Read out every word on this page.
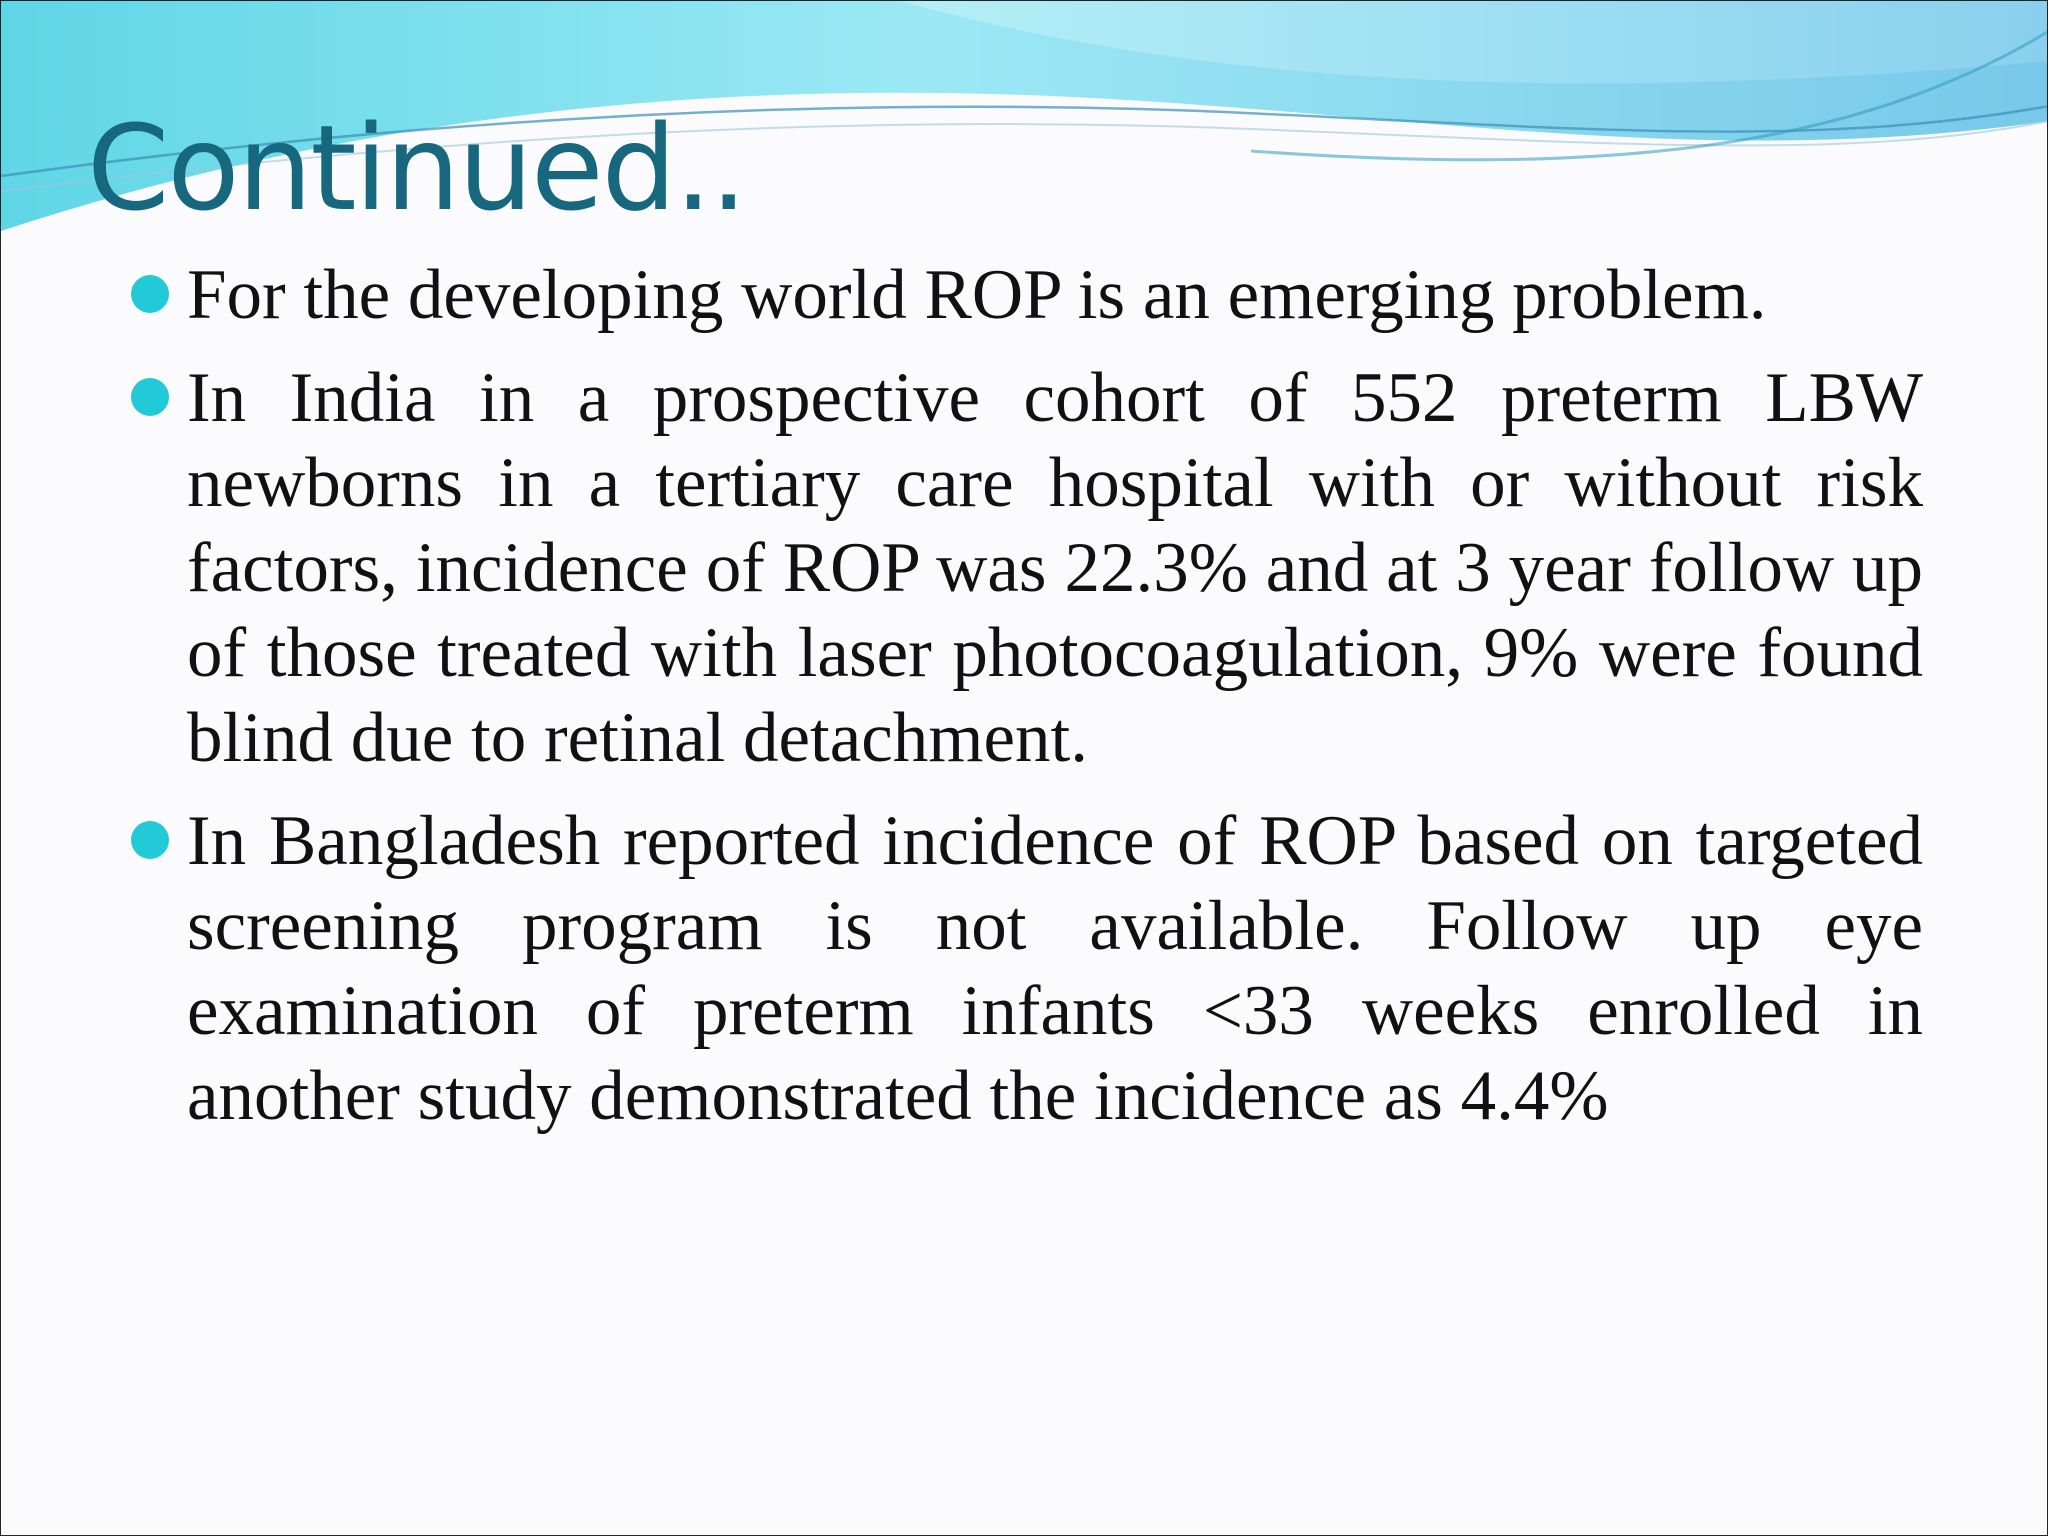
Continued..
For the developing world ROP is an emerging problem.
In India in a prospective cohort of 552 preterm LBW newborns in a tertiary care hospital with or without risk factors, incidence of ROP was 22.3% and at 3 year follow up of those treated with laser photocoagulation, 9% were found blind due to retinal detachment.
In Bangladesh reported incidence of ROP based on targeted screening program is not available. Follow up eye examination of preterm infants <33 weeks enrolled in another study demonstrated the incidence as 4.4%
